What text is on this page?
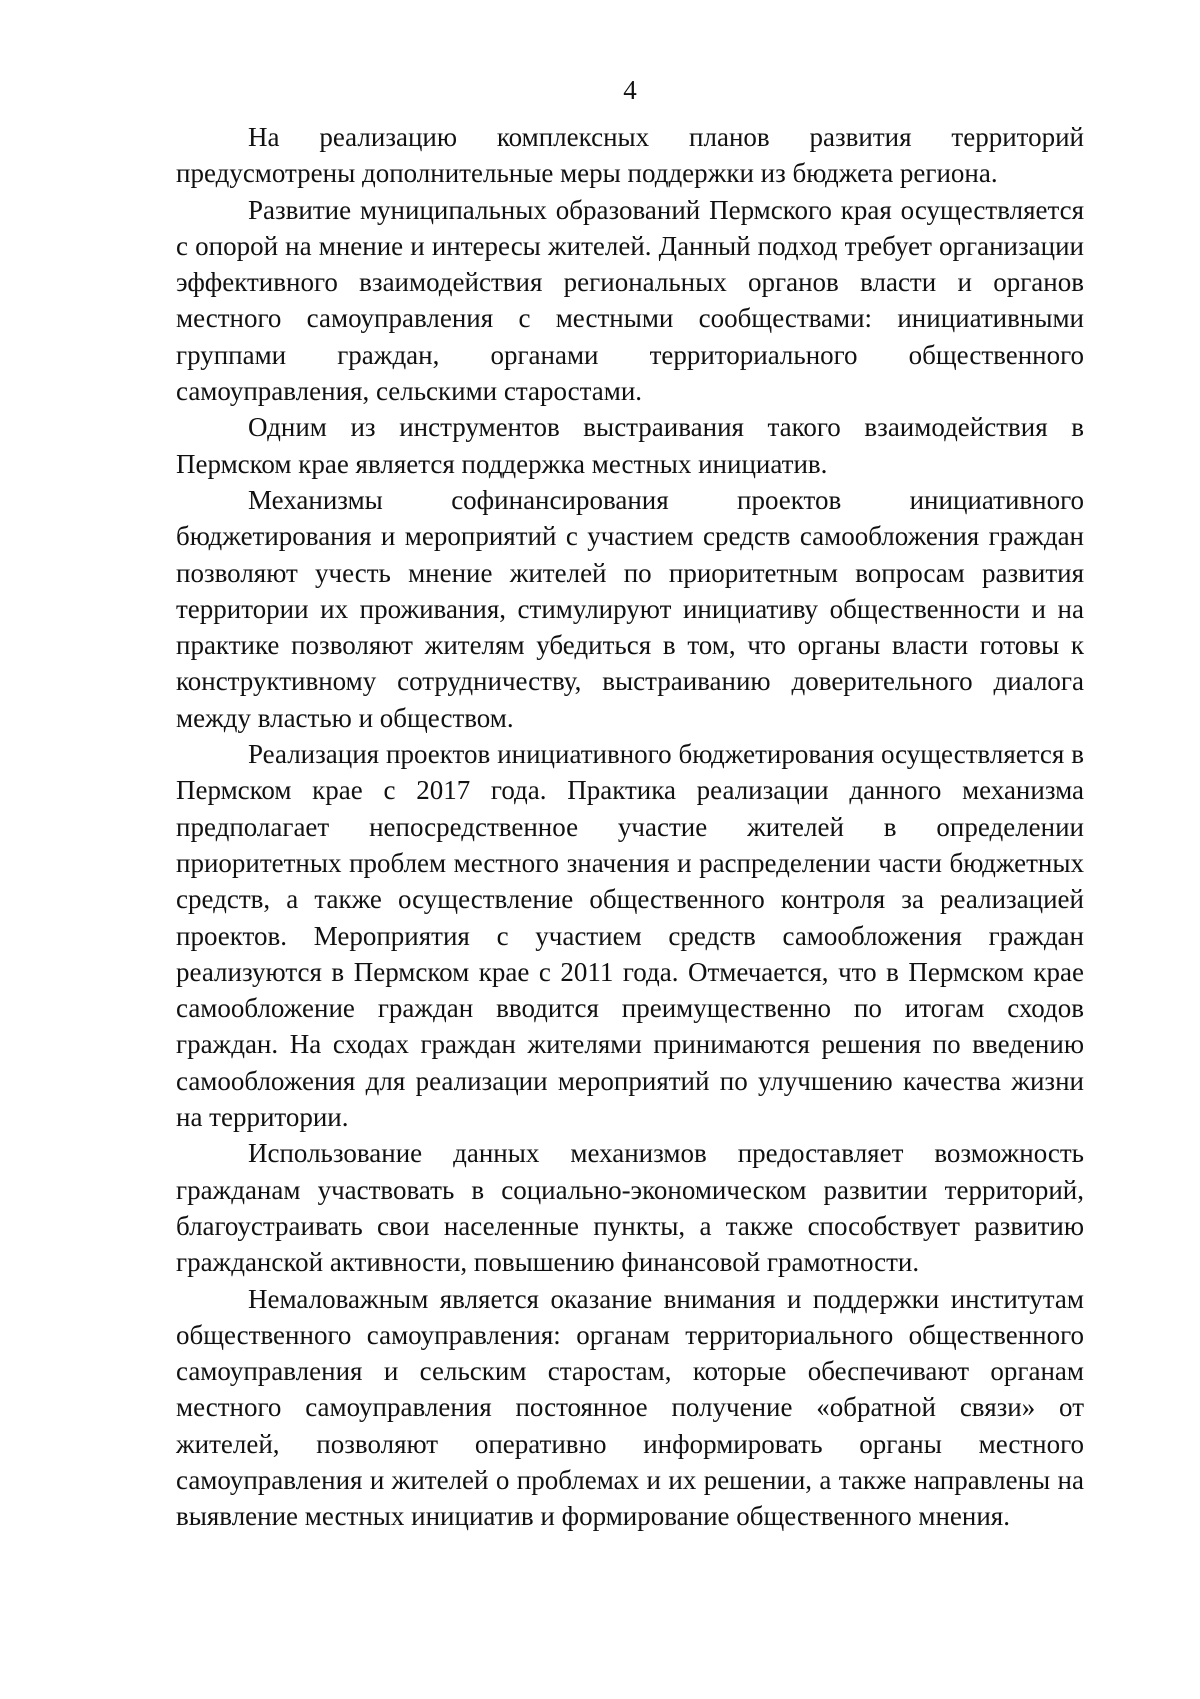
4

На реализацию комплексных планов развития территорий предусмотрены дополнительные меры поддержки из бюджета региона.

Развитие муниципальных образований Пермского края осуществляется с опорой на мнение и интересы жителей. Данный подход требует организации эффективного взаимодействия региональных органов власти и органов местного самоуправления с местными сообществами: инициативными группами граждан, органами территориального общественного самоуправления, сельскими старостами.

Одним из инструментов выстраивания такого взаимодействия в Пермском крае является поддержка местных инициатив.

Механизмы софинансирования проектов инициативного бюджетирования и мероприятий с участием средств самообложения граждан позволяют учесть мнение жителей по приоритетным вопросам развития территории их проживания, стимулируют инициативу общественности и на практике позволяют жителям убедиться в том, что органы власти готовы к конструктивному сотрудничеству, выстраиванию доверительного диалога между властью и обществом.

Реализация проектов инициативного бюджетирования осуществляется в Пермском крае с 2017 года. Практика реализации данного механизма предполагает непосредственное участие жителей в определении приоритетных проблем местного значения и распределении части бюджетных средств, а также осуществление общественного контроля за реализацией проектов. Мероприятия с участием средств самообложения граждан реализуются в Пермском крае с 2011 года. Отмечается, что в Пермском крае самообложение граждан вводится преимущественно по итогам сходов граждан. На сходах граждан жителями принимаются решения по введению самообложения для реализации мероприятий по улучшению качества жизни на территории.

Использование данных механизмов предоставляет возможность гражданам участвовать в социально-экономическом развитии территорий, благоустраивать свои населенные пункты, а также способствует развитию гражданской активности, повышению финансовой грамотности.

Немаловажным является оказание внимания и поддержки институтам общественного самоуправления: органам территориального общественного самоуправления и сельским старостам, которые обеспечивают органам местного самоуправления постоянное получение «обратной связи» от жителей, позволяют оперативно информировать органы местного самоуправления и жителей о проблемах и их решении, а также направлены на выявление местных инициатив и формирование общественного мнения.
